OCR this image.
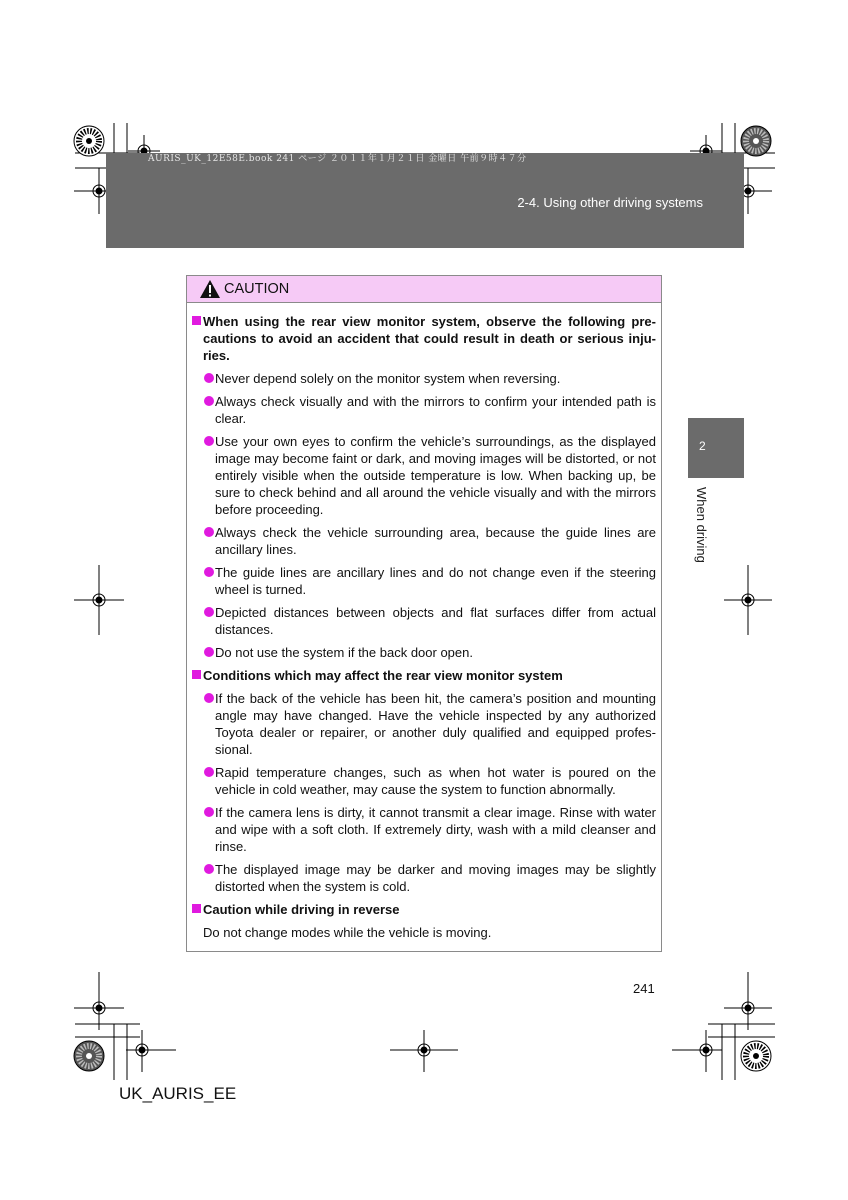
AURIS_UK_12E58E.book 241 ページ ２０１１年１月２１日 金曜日 午前９時４７分
2-4. Using other driving systems
2
When driving
CAUTION
When using the rear view monitor system, observe the following pre-cautions to avoid an accident that could result in death or serious inju-ries.
Never depend solely on the monitor system when reversing.
Always check visually and with the mirrors to confirm your intended path is clear.
Use your own eyes to confirm the vehicle’s surroundings, as the displayed image may become faint or dark, and moving images will be distorted, or not entirely visible when the outside temperature is low. When backing up, be sure to check behind and all around the vehicle visually and with the mirrors before proceeding.
Always check the vehicle surrounding area, because the guide lines are ancillary lines.
The guide lines are ancillary lines and do not change even if the steering wheel is turned.
Depicted distances between objects and flat surfaces differ from actual distances.
Do not use the system if the back door open.
Conditions which may affect the rear view monitor system
If the back of the vehicle has been hit, the camera’s position and mounting angle may have changed. Have the vehicle inspected by any authorized Toyota dealer or repairer, or another duly qualified and equipped profes-sional.
Rapid temperature changes, such as when hot water is poured on the vehicle in cold weather, may cause the system to function abnormally.
If the camera lens is dirty, it cannot transmit a clear image. Rinse with water and wipe with a soft cloth. If extremely dirty, wash with a mild cleanser and rinse.
The displayed image may be darker and moving images may be slightly distorted when the system is cold.
Caution while driving in reverse
Do not change modes while the vehicle is moving.
241
UK_AURIS_EE
